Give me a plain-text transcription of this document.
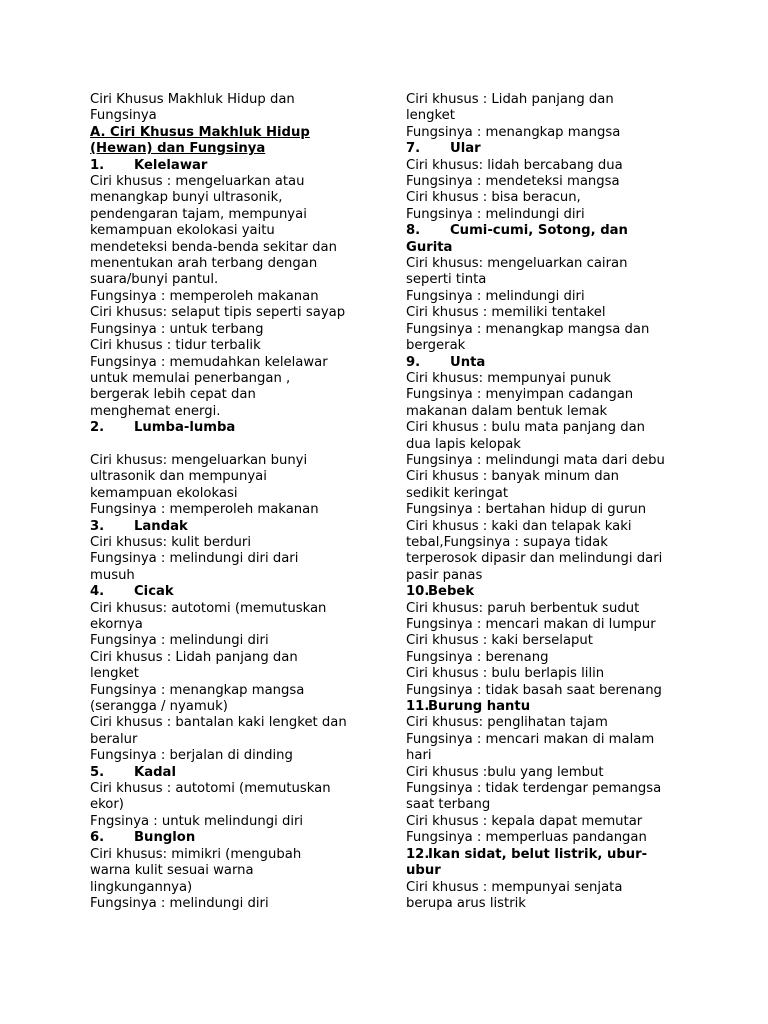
Ciri Khusus Makhluk Hidup dan
Fungsinya
A. Ciri Khusus Makhluk Hidup
(Hewan) dan Fungsinya
1. Kelelawar
Ciri khusus : mengeluarkan atau
menangkap bunyi ultrasonik,
pendengaran tajam, mempunyai
kemampuan ekolokasi yaitu
mendeteksi benda-benda sekitar dan
menentukan arah terbang dengan
suara/bunyi pantul.
Fungsinya : memperoleh makanan
Ciri khusus: selaput tipis seperti sayap
Fungsinya : untuk terbang
Ciri khusus : tidur terbalik
Fungsinya : memudahkan kelelawar
untuk memulai penerbangan ,
bergerak lebih cepat dan
menghemat energi.
2. Lumba-lumba

Ciri khusus: mengeluarkan bunyi
ultrasonik dan mempunyai
kemampuan ekolokasi
Fungsinya : memperoleh makanan
3. Landak
Ciri khusus: kulit berduri
Fungsinya : melindungi diri dari
musuh
4. Cicak
Ciri khusus: autotomi (memutuskan
ekornya
Fungsinya : melindungi diri
Ciri khusus : Lidah panjang dan
lengket
Fungsinya : menangkap mangsa
(serangga / nyamuk)
Ciri khusus : bantalan kaki lengket dan
beralur
Fungsinya : berjalan di dinding
5. Kadal
Ciri khusus : autotomi (memutuskan
ekor)
Fngsinya : untuk melindungi diri
6. Bunglon
Ciri khusus: mimikri (mengubah
warna kulit sesuai warna
lingkungannya)
Fungsinya : melindungi diri
Ciri khusus : Lidah panjang dan
lengket
Fungsinya : menangkap mangsa
7. Ular
Ciri khusus: lidah bercabang dua
Fungsinya : mendeteksi mangsa
Ciri khusus : bisa beracun,
Fungsinya : melindungi diri
8. Cumi-cumi, Sotong, dan
Gurita
Ciri khusus: mengeluarkan cairan
seperti tinta
Fungsinya : melindungi diri
Ciri khusus : memiliki tentakel
Fungsinya : menangkap mangsa dan
bergerak
9. Unta
Ciri khusus: mempunyai punuk
Fungsinya : menyimpan cadangan
makanan dalam bentuk lemak
Ciri khusus : bulu mata panjang dan
dua lapis kelopak
Fungsinya : melindungi mata dari debu
Ciri khusus : banyak minum dan
sedikit keringat
Fungsinya : bertahan hidup di gurun
Ciri khusus : kaki dan telapak kaki
tebal,Fungsinya : supaya tidak
terperosok dipasir dan melindungi dari
pasir panas
10.Bebek
Ciri khusus: paruh berbentuk sudut
Fungsinya : mencari makan di lumpur
Ciri khusus : kaki berselaput
Fungsinya : berenang
Ciri khusus : bulu berlapis lilin
Fungsinya : tidak basah saat berenang
11.Burung hantu
Ciri khusus: penglihatan tajam
Fungsinya : mencari makan di malam
hari
Ciri khusus :bulu yang lembut
Fungsinya : tidak terdengar pemangsa
saat terbang
Ciri khusus : kepala dapat memutar
Fungsinya : memperluas pandangan
12.Ikan sidat, belut listrik, ubur-
ubur
Ciri khusus : mempunyai senjata
berupa arus listrik
